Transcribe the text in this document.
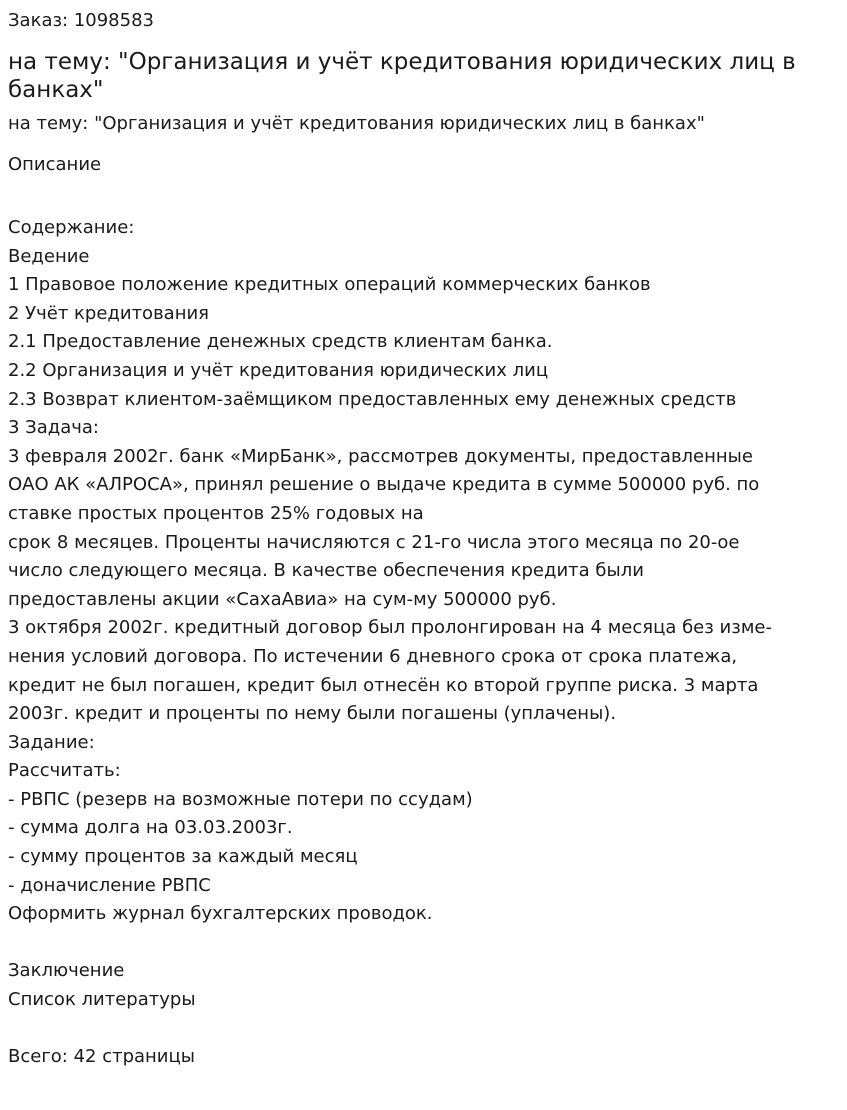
Заказ: 1098583
на тему: "Организация и учёт кредитования юридических лиц в банках"
на тему: "Организация и учёт кредитования юридических лиц в банках"
Описание
Содержание:
Ведение
1 Правовое положение кредитных операций коммерческих банков
2 Учёт кредитования
2.1 Предоставление денежных средств клиентам банка.
2.2 Организация и учёт кредитования юридических лиц
2.3 Возврат клиентом-заёмщиком предоставленных ему денежных средств
3 Задача:
3 февраля 2002г. банк «МирБанк», рассмотрев документы, предоставленные
ОАО АК «АЛРОСА», принял решение о выдаче кредита в сумме 500000 руб. по
ставке простых процентов 25% годовых на
срок 8 месяцев. Проценты начисляются с 21-го числа этого месяца по 20-ое
число следующего месяца. В качестве обеспечения кредита были
предоставлены акции «СахаАвиа» на сум-му 500000 руб.
3 октября 2002г. кредитный договор был пролонгирован на 4 месяца без изме-
нения условий договора. По истечении 6 дневного срока от срока платежа,
кредит не был погашен, кредит был отнесён ко второй группе риска. 3 марта
2003г. кредит и проценты по нему были погашены (уплачены).
Задание:
Рассчитать:
- РВПС (резерв на возможные потери по ссудам)
- сумма долга на 03.03.2003г.
- сумму процентов за каждый месяц
- доначисление РВПС
Оформить журнал бухгалтерских проводок.
Заключение
Список литературы
Всего: 42 страницы
